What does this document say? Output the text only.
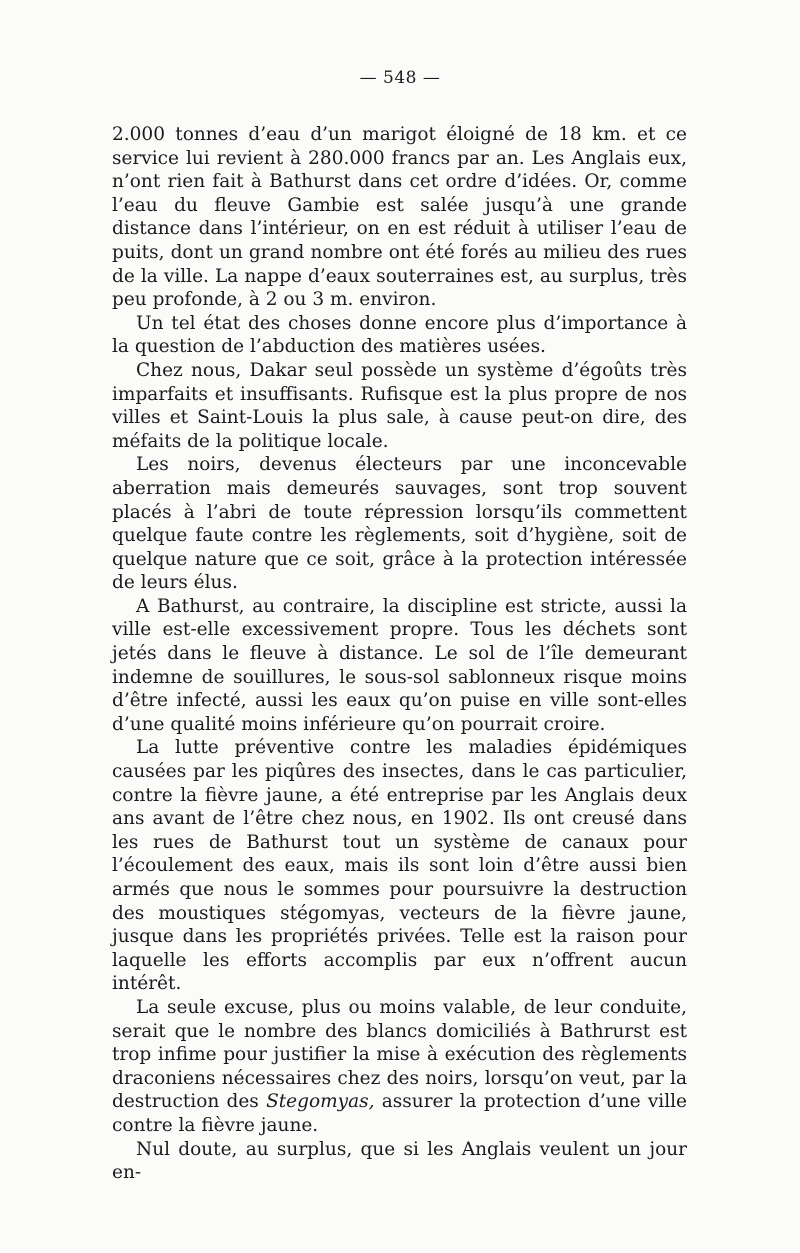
— 548 —

2.000 tonnes d’eau d’un marigot éloigné de 18 km. et ce service lui revient à 280.000 francs par an. Les Anglais eux, n’ont rien fait à Bathurst dans cet ordre d’idées. Or, comme l’eau du fleuve Gambie est salée jusqu’à une grande distance dans l’intérieur, on en est réduit à utiliser l’eau de puits, dont un grand nombre ont été forés au milieu des rues de la ville. La nappe d’eaux souterraines est, au surplus, très peu profonde, à 2 ou 3 m. environ.

Un tel état des choses donne encore plus d’importance à la question de l’abduction des matières usées.

Chez nous, Dakar seul possède un système d’égoûts très imparfaits et insuffisants. Rufisque est la plus propre de nos villes et Saint-Louis la plus sale, à cause peut-on dire, des méfaits de la politique locale.

Les noirs, devenus électeurs par une inconcevable aberration mais demeurés sauvages, sont trop souvent placés à l’abri de toute répression lorsqu’ils commettent quelque faute contre les règlements, soit d’hygiène, soit de quelque nature que ce soit, grâce à la protection intéressée de leurs élus.

A Bathurst, au contraire, la discipline est stricte, aussi la ville est-elle excessivement propre. Tous les déchets sont jetés dans le fleuve à distance. Le sol de l’île demeurant indemne de souillures, le sous-sol sablonneux risque moins d’être infecté, aussi les eaux qu’on puise en ville sont-elles d’une qualité moins inférieure qu’on pourrait croire.

La lutte préventive contre les maladies épidémiques causées par les piqûres des insectes, dans le cas particulier, contre la fièvre jaune, a été entreprise par les Anglais deux ans avant de l’être chez nous, en 1902. Ils ont creusé dans les rues de Bathurst tout un système de canaux pour l’écoulement des eaux, mais ils sont loin d’être aussi bien armés que nous le sommes pour poursuivre la destruction des moustiques stégomyas, vecteurs de la fièvre jaune, jusque dans les propriétés privées. Telle est la raison pour laquelle les efforts accomplis par eux n’offrent aucun intérêt.

La seule excuse, plus ou moins valable, de leur conduite, serait que le nombre des blancs domiciliés à Bathrurst est trop infime pour justifier la mise à exécution des règlements draconiens nécessaires chez des noirs, lorsqu’on veut, par la destruction des Stegomyas, assurer la protection d’une ville contre la fièvre jaune.

Nul doute, au surplus, que si les Anglais veulent un jour en-
